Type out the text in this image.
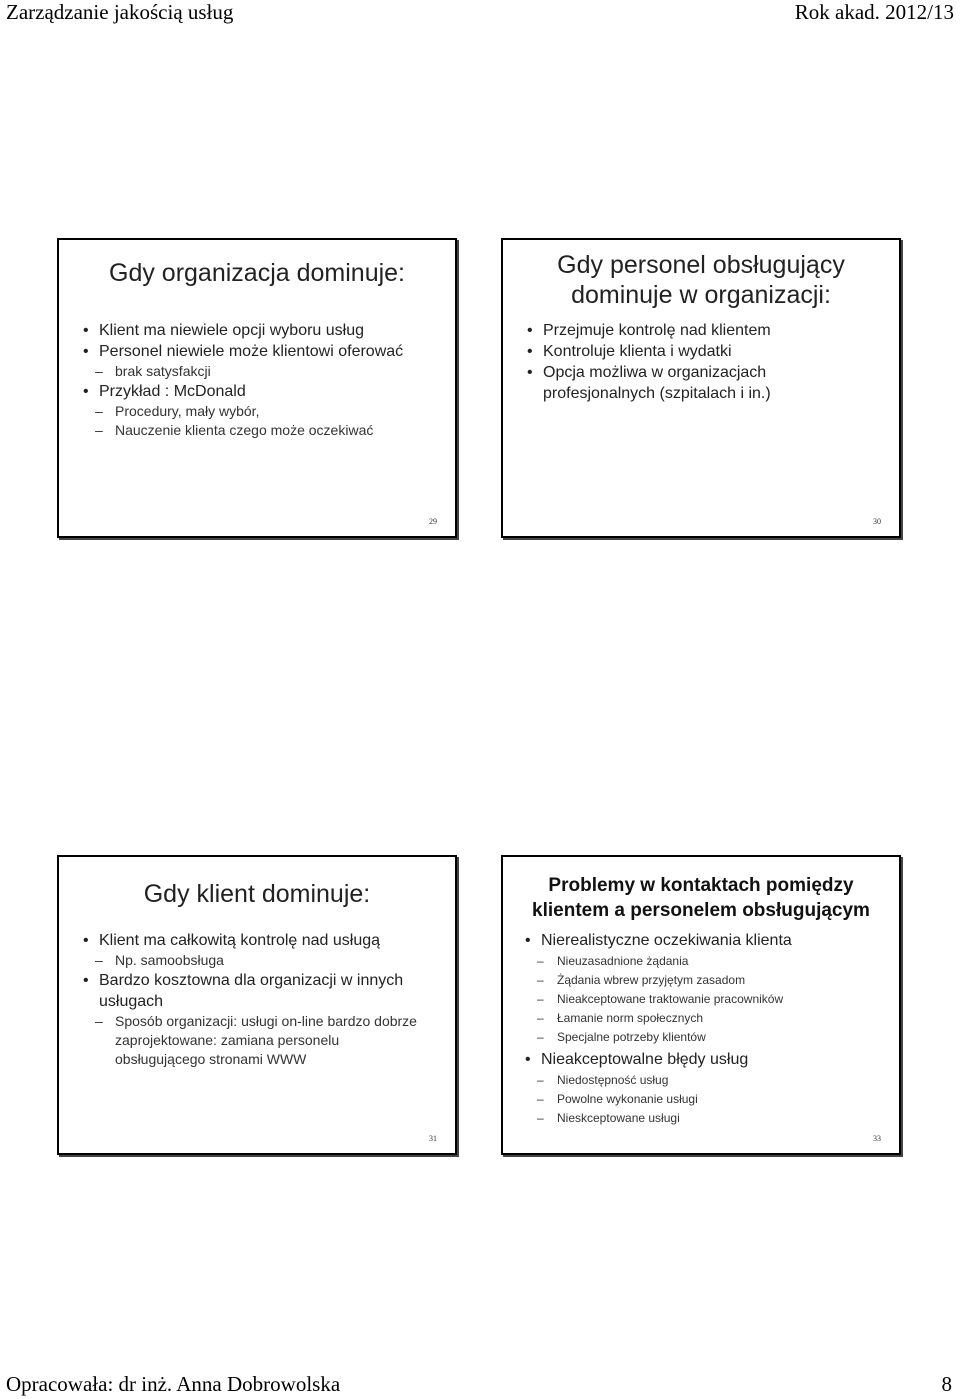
Zarządzanie jakością usług	Rok akad. 2012/13
Gdy organizacja dominuje:
• Klient ma niewiele opcji wyboru usług
• Personel niewiele może klientowi oferować
– brak satysfakcji
• Przykład : McDonald
– Procedury, mały wybór,
– Nauczenie klienta czego może oczekiwać
29
Gdy personel obsługujący dominuje w organizacji:
• Przejmuje kontrolę nad klientem
• Kontroluje klienta i wydatki
• Opcja możliwa w organizacjach profesjonalnych (szpitalach i in.)
30
Gdy klient dominuje:
• Klient ma całkowitą kontrolę nad usługą
– Np. samoobsługa
• Bardzo kosztowna dla organizacji w innych usługach
– Sposób organizacji: usługi on-line bardzo dobrze zaprojektowane: zamiana personelu obsługującego stronami WWW
31
Problemy w kontaktach pomiędzy klientem a personelem obsługującym
• Nierealistyczne oczekiwania klienta
– Nieuzasadnione żądania
– Żądania wbrew przyjętym zasadom
– Nieakceptowane traktowanie pracowników
– Łamanie norm społecznych
– Specjalne potrzeby klientów
• Nieakceptowalne błędy usług
– Niedostępność usług
– Powolne wykonanie usługi
– Nieskceptowane usługi
33
Opracowała: dr inż. Anna Dobrowolska	8
